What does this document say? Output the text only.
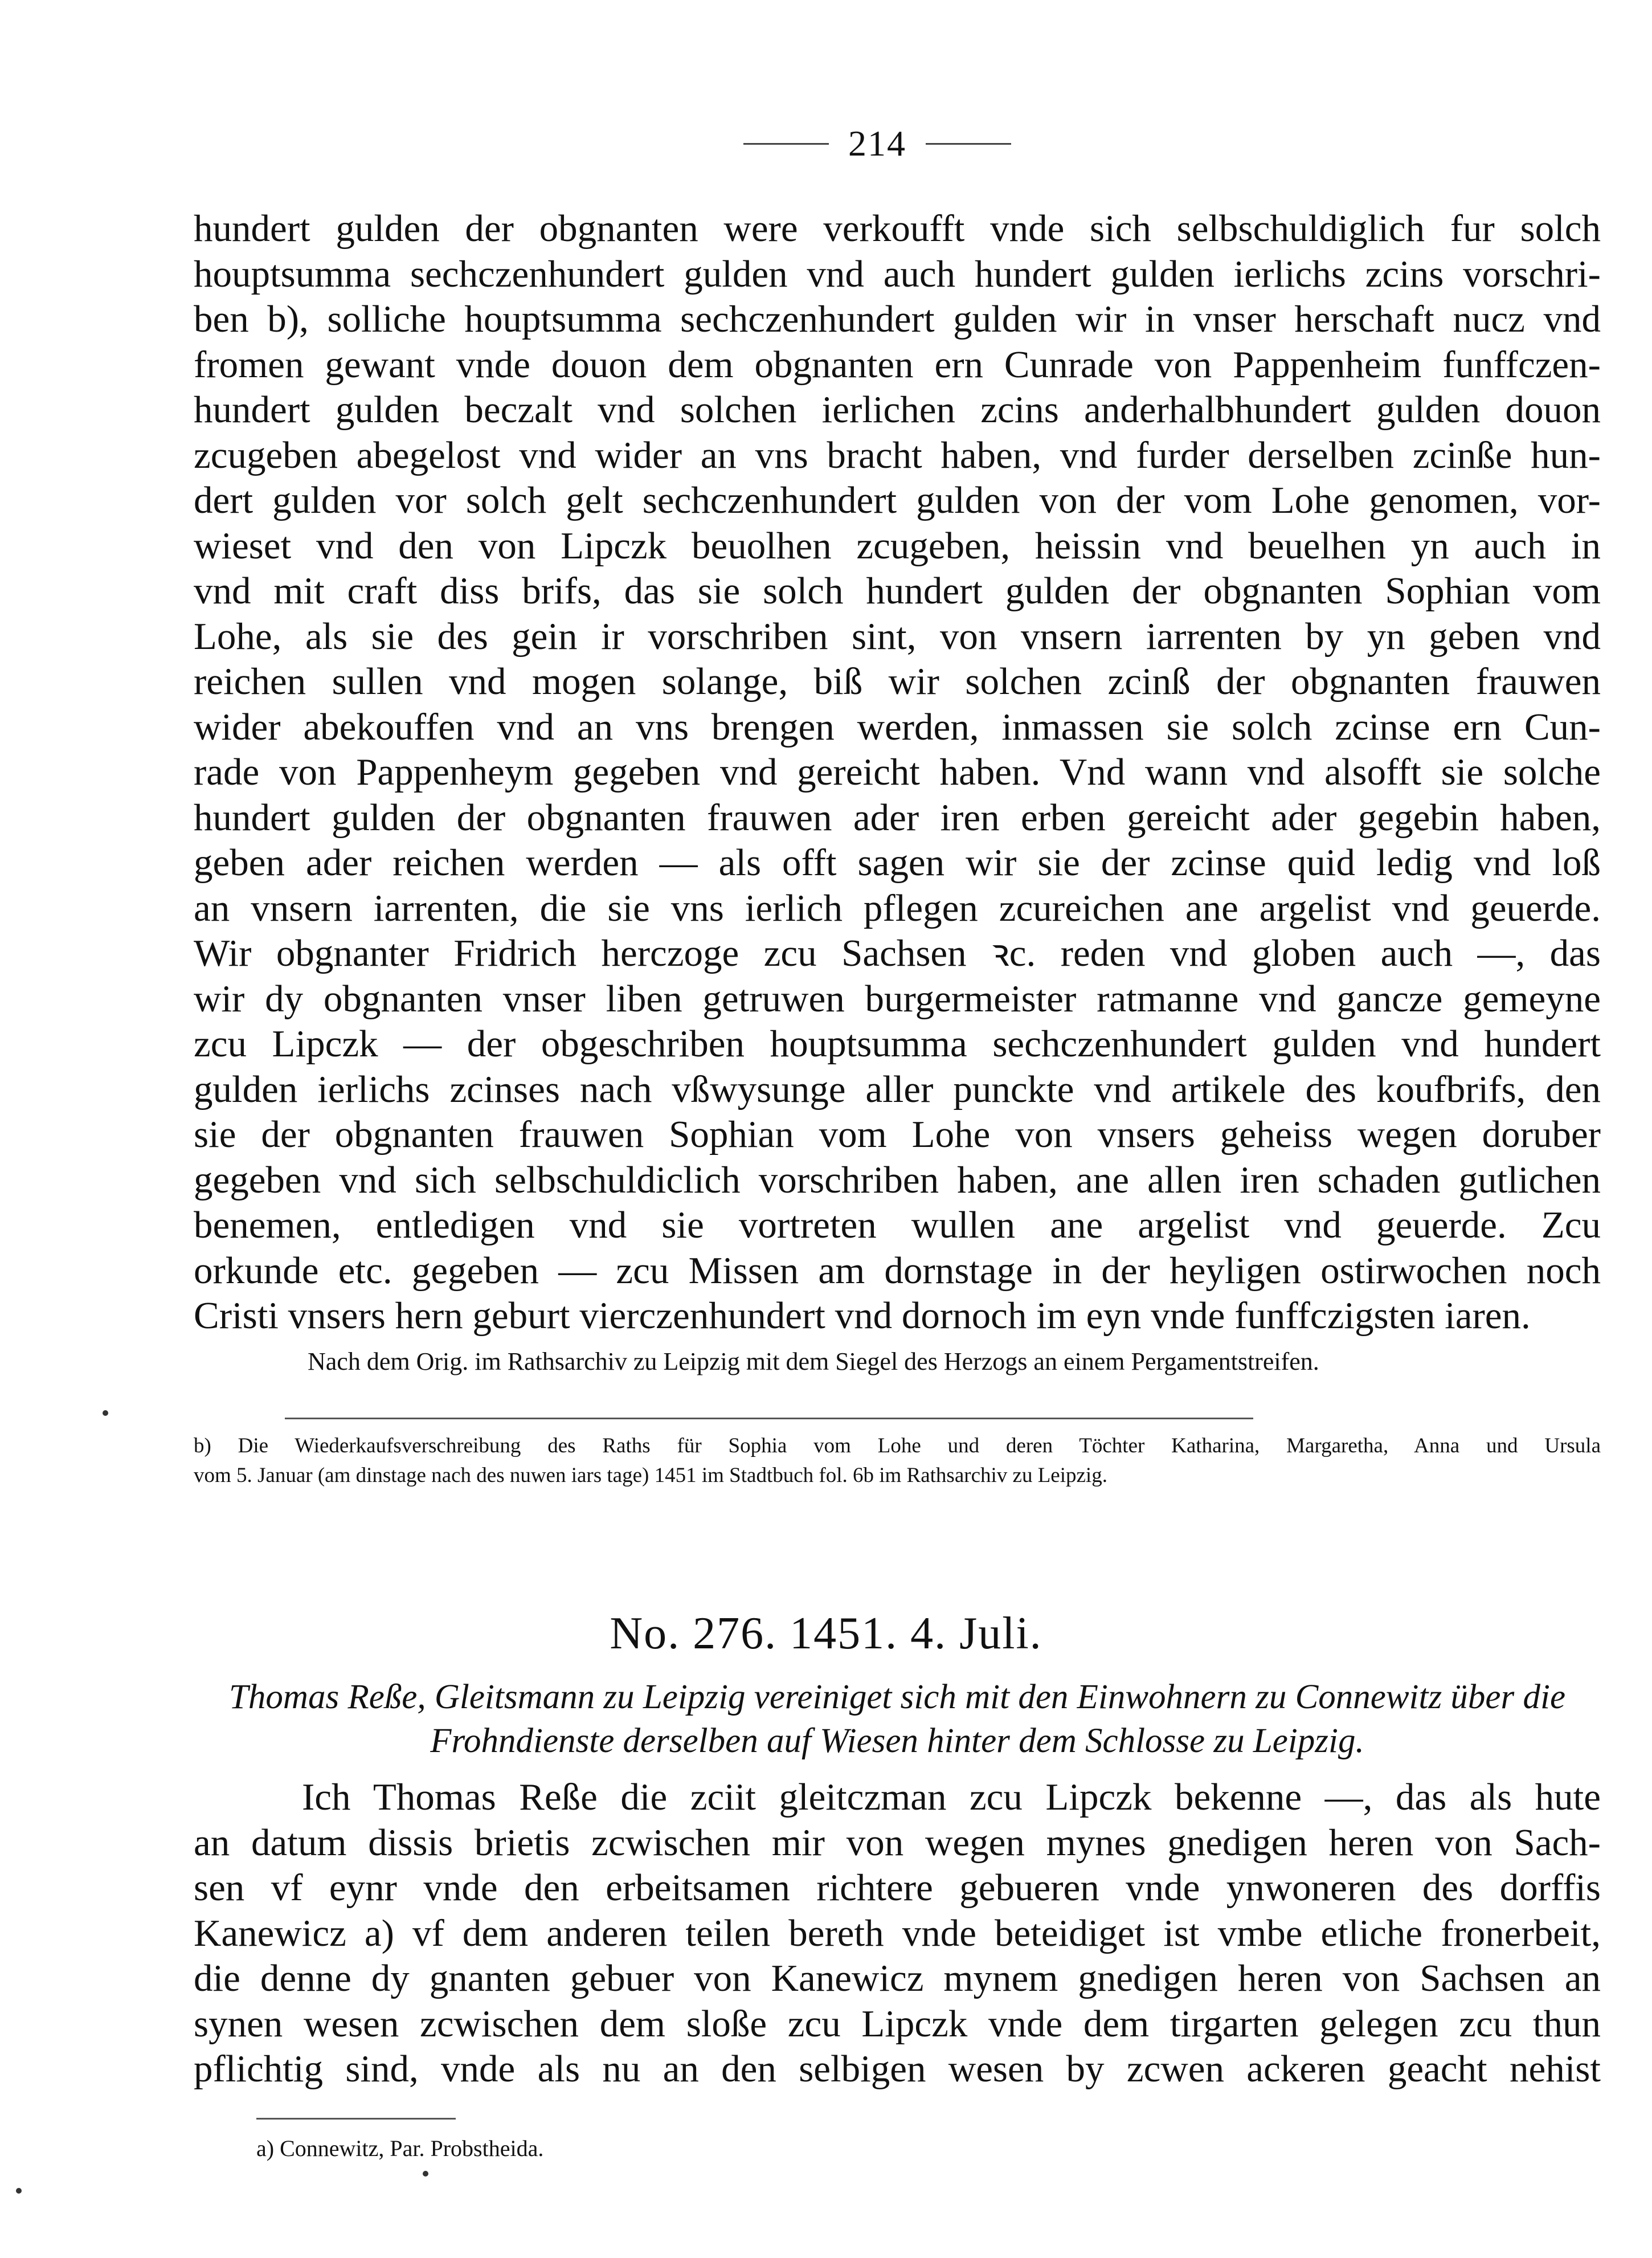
214

hundert gulden der obgnanten were verkoufft vnde sich selbschuldiglich fur solch
houptsumma sechczenhundert gulden vnd auch hundert gulden ierlichs zcins vorschri-
ben b), solliche houptsumma sechczenhundert gulden wir in vnser herschaft nucz vnd
fromen gewant vnde douon dem obgnanten ern Cunrade von Pappenheim funffczen-
hundert gulden beczalt vnd solchen ierlichen zcins anderhalbhundert gulden douon
zcugeben abegelost vnd wider an vns bracht haben, vnd furder derselben zcinße hun-
dert gulden vor solch gelt sechczenhundert gulden von der vom Lohe genomen, vor-
wieset vnd den von Lipczk beuolhen zcugeben, heissin vnd beuelhen yn auch in
vnd mit craft diss brifs, das sie solch hundert gulden der obgnanten Sophian vom
Lohe, als sie des gein ir vorschriben sint, von vnsern iarrenten by yn geben vnd
reichen sullen vnd mogen solange, biß wir solchen zcinß der obgnanten frauwen
wider abekouffen vnd an vns brengen werden, inmassen sie solch zcinse ern Cun-
rade von Pappenheym gegeben vnd gereicht haben. Vnd wann vnd alsofft sie solche
hundert gulden der obgnanten frauwen ader iren erben gereicht ader gegebin haben,
geben ader reichen werden — als offt sagen wir sie der zcinse quid ledig vnd loß
an vnsern iarrenten, die sie vns ierlich pflegen zcureichen ane argelist vnd geuerde.
Wir obgnanter Fridrich herczoge zcu Sachsen ꝛc. reden vnd globen auch —, das
wir dy obgnanten vnser liben getruwen burgermeister ratmanne vnd gancze gemeyne
zcu Lipczk — der obgeschriben houptsumma sechczenhundert gulden vnd hundert
gulden ierlichs zcinses nach vßwysunge aller punckte vnd artikele des koufbrifs, den
sie der obgnanten frauwen Sophian vom Lohe von vnsers geheiss wegen doruber
gegeben vnd sich selbschuldiclich vorschriben haben, ane allen iren schaden gutlichen
benemen, entledigen vnd sie vortreten wullen ane argelist vnd geuerde. Zcu
orkunde etc. gegeben — zcu Missen am dornstage in der heyligen ostirwochen noch
Cristi vnsers hern geburt vierczenhundert vnd dornoch im eyn vnde funffczigsten iaren.

Nach dem Orig. im Rathsarchiv zu Leipzig mit dem Siegel des Herzogs an einem Pergamentstreifen.

b) Die Wiederkaufsverschreibung des Raths für Sophia vom Lohe und deren Töchter Katharina, Margaretha, Anna und Ursula
vom 5. Januar (am dinstage nach des nuwen iars tage) 1451 im Stadtbuch fol. 6b im Rathsarchiv zu Leipzig.

No. 276. 1451. 4. Juli.

Thomas Reße, Gleitsmann zu Leipzig vereiniget sich mit den Einwohnern zu Connewitz über die
Frohndienste derselben auf Wiesen hinter dem Schlosse zu Leipzig.

Ich Thomas Reße die zciit gleitczman zcu Lipczk bekenne —, das als hute
an datum dissis brietis zcwischen mir von wegen mynes gnedigen heren von Sach-
sen vf eynr vnde den erbeitsamen richtere gebueren vnde ynwoneren des dorffis
Kanewicz a) vf dem anderen teilen bereth vnde beteidiget ist vmbe etliche fronerbeit,
die denne dy gnanten gebuer von Kanewicz mynem gnedigen heren von Sachsen an
synen wesen zcwischen dem sloße zcu Lipczk vnde dem tirgarten gelegen zcu thun
pflichtig sind, vnde als nu an den selbigen wesen by zcwen ackeren geacht nehist

a) Connewitz, Par. Probstheida.
